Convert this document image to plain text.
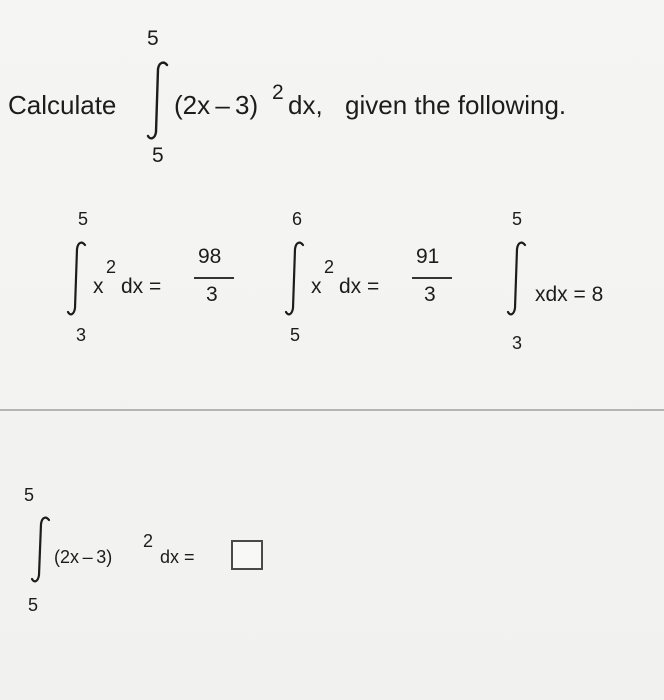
5
Calculate (2x – 3) 2 dx, given the following.
5
5
x
2
dx =
98
3
3
6
x
2
dx =
91
3
5
5
xdx = 8
3
5
(2x – 3)
2
dx =
5
